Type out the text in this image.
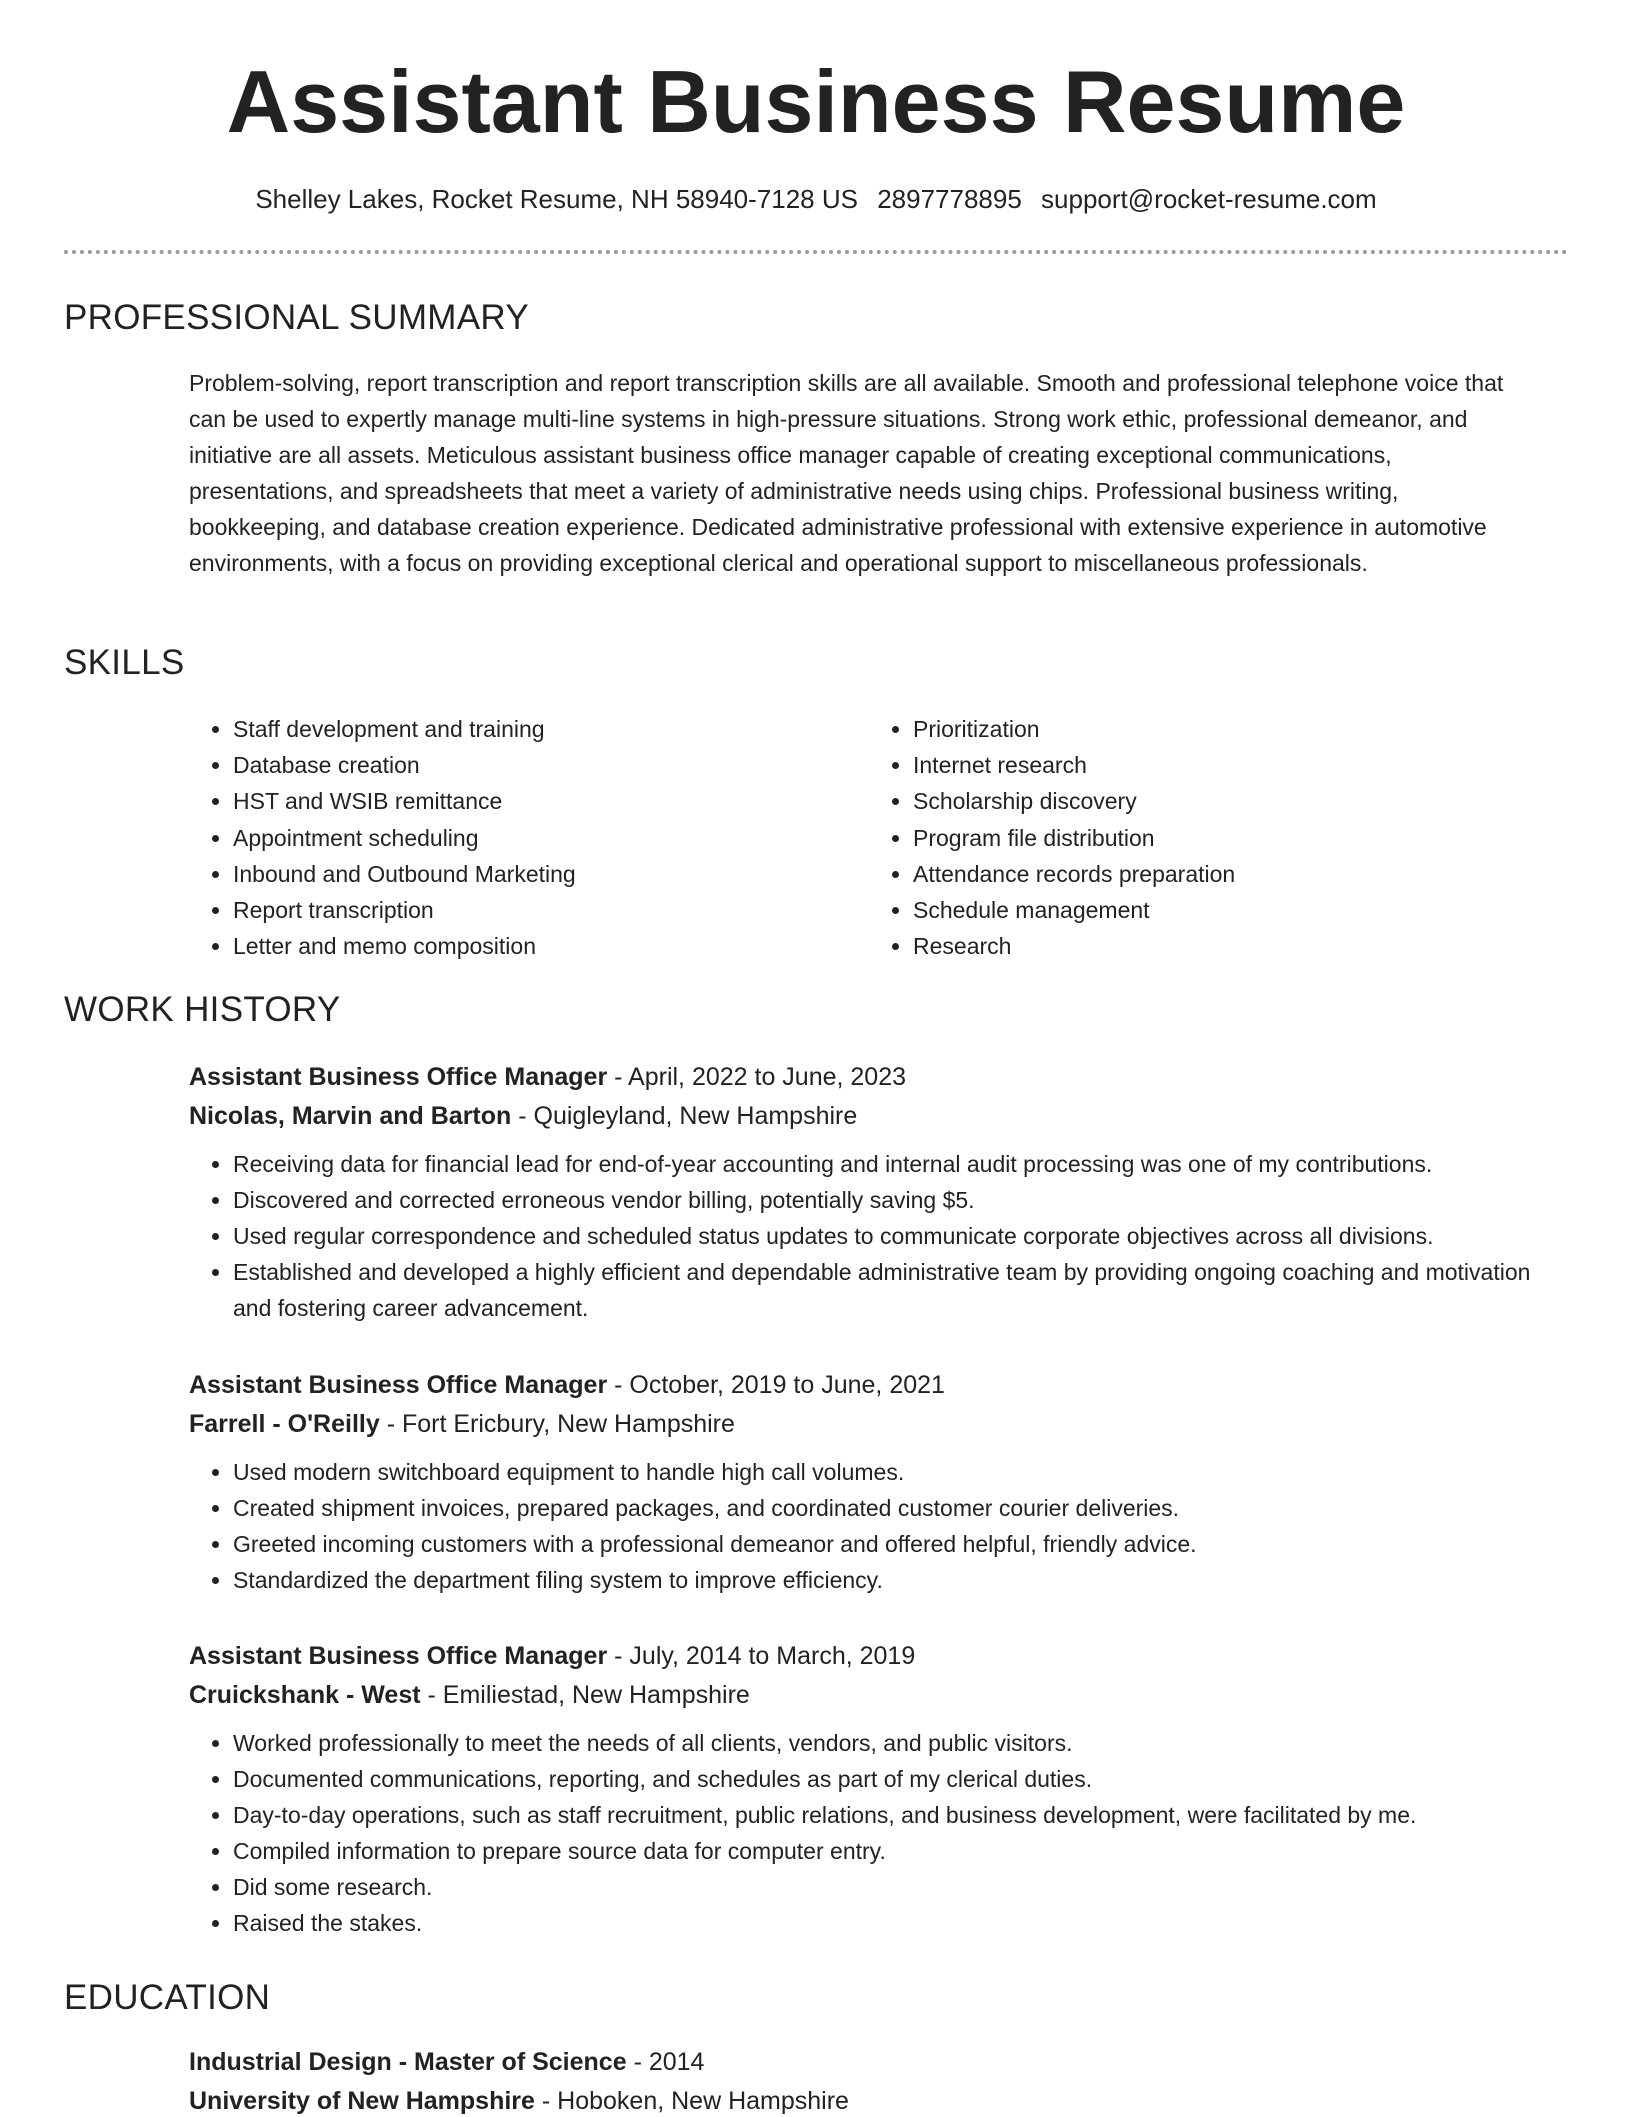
Assistant Business Resume
Shelley Lakes, Rocket Resume, NH 58940-7128 US 2897778895 support@rocket-resume.com
PROFESSIONAL SUMMARY

Problem-solving, report transcription and report transcription skills are all available. Smooth and professional telephone voice that can be used to expertly manage multi-line systems in high-pressure situations. Strong work ethic, professional demeanor, and initiative are all assets. Meticulous assistant business office manager capable of creating exceptional communications, presentations, and spreadsheets that meet a variety of administrative needs using chips. Professional business writing, bookkeeping, and database creation experience. Dedicated administrative professional with extensive experience in automotive environments, with a focus on providing exceptional clerical and operational support to miscellaneous professionals.

SKILLS
• Staff development and training
• Database creation
• HST and WSIB remittance
• Appointment scheduling
• Inbound and Outbound Marketing
• Report transcription
• Letter and memo composition
• Prioritization
• Internet research
• Scholarship discovery
• Program file distribution
• Attendance records preparation
• Schedule management
• Research
WORK HISTORY

Assistant Business Office Manager - April, 2022 to June, 2023

Nicolas, Marvin and Barton - Quigleyland, New Hampshire

• Receiving data for financial lead for end-of-year accounting and internal audit processing was one of my contributions.
• Discovered and corrected erroneous vendor billing, potentially saving $5.
• Used regular correspondence and scheduled status updates to communicate corporate objectives across all divisions.
• Established and developed a highly efficient and dependable administrative team by providing ongoing coaching and motivation and fostering career advancement.

Assistant Business Office Manager - October, 2019 to June, 2021

Farrell - O'Reilly - Fort Ericbury, New Hampshire

• Used modern switchboard equipment to handle high call volumes.
• Created shipment invoices, prepared packages, and coordinated customer courier deliveries.
• Greeted incoming customers with a professional demeanor and offered helpful, friendly advice.
• Standardized the department filing system to improve efficiency.

Assistant Business Office Manager - July, 2014 to March, 2019

Cruickshank - West - Emiliestad, New Hampshire

• Worked professionally to meet the needs of all clients, vendors, and public visitors.
• Documented communications, reporting, and schedules as part of my clerical duties.
• Day-to-day operations, such as staff recruitment, public relations, and business development, were facilitated by me.
• Compiled information to prepare source data for computer entry.
• Did some research.
• Raised the stakes.
EDUCATION

Industrial Design - Master of Science - 2014

University of New Hampshire - Hoboken, New Hampshire
